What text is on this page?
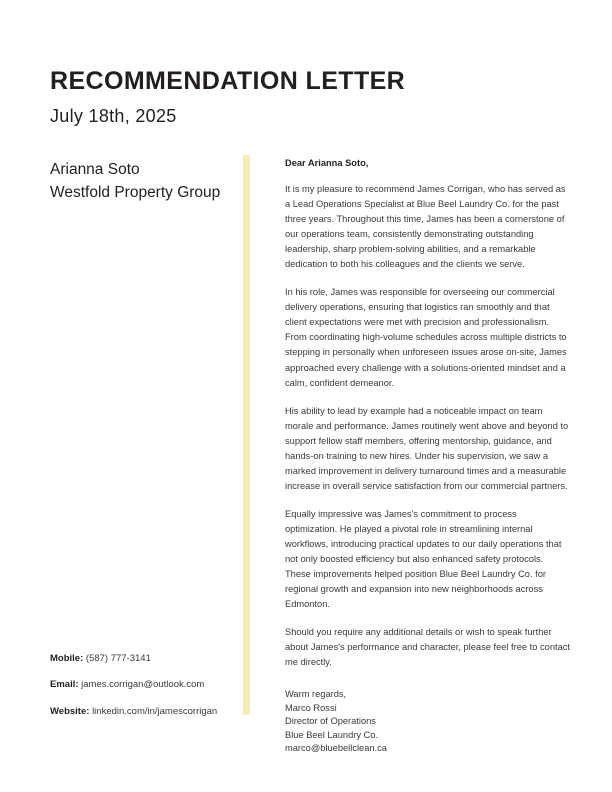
RECOMMENDATION LETTER
July 18th, 2025
Arianna Soto
Westfold Property Group
Mobile: (587) 777-3141
Email: james.corrigan@outlook.com
Website: linkedin.com/in/jamescorrigan

Dear Arianna Soto,

It is my pleasure to recommend James Corrigan, who has served as a Lead Operations Specialist at Blue Beel Laundry Co. for the past three years. Throughout this time, James has been a cornerstone of our operations team, consistently demonstrating outstanding leadership, sharp problem-solving abilities, and a remarkable dedication to both his colleagues and the clients we serve.

In his role, James was responsible for overseeing our commercial delivery operations, ensuring that logistics ran smoothly and that client expectations were met with precision and professionalism. From coordinating high-volume schedules across multiple districts to stepping in personally when unforeseen issues arose on-site, James approached every challenge with a solutions-oriented mindset and a calm, confident demeanor.

His ability to lead by example had a noticeable impact on team morale and performance. James routinely went above and beyond to support fellow staff members, offering mentorship, guidance, and hands-on training to new hires. Under his supervision, we saw a marked improvement in delivery turnaround times and a measurable increase in overall service satisfaction from our commercial partners.

Equally impressive was James's commitment to process optimization. He played a pivotal role in streamlining internal workflows, introducing practical updates to our daily operations that not only boosted efficiency but also enhanced safety protocols. These improvements helped position Blue Beel Laundry Co. for regional growth and expansion into new neighborhoods across Edmonton.

Should you require any additional details or wish to speak further about James's performance and character, please feel free to contact me directly.

Warm regards,
Marco Rossi
Director of Operations
Blue Beel Laundry Co.
marco@bluebellclean.ca
